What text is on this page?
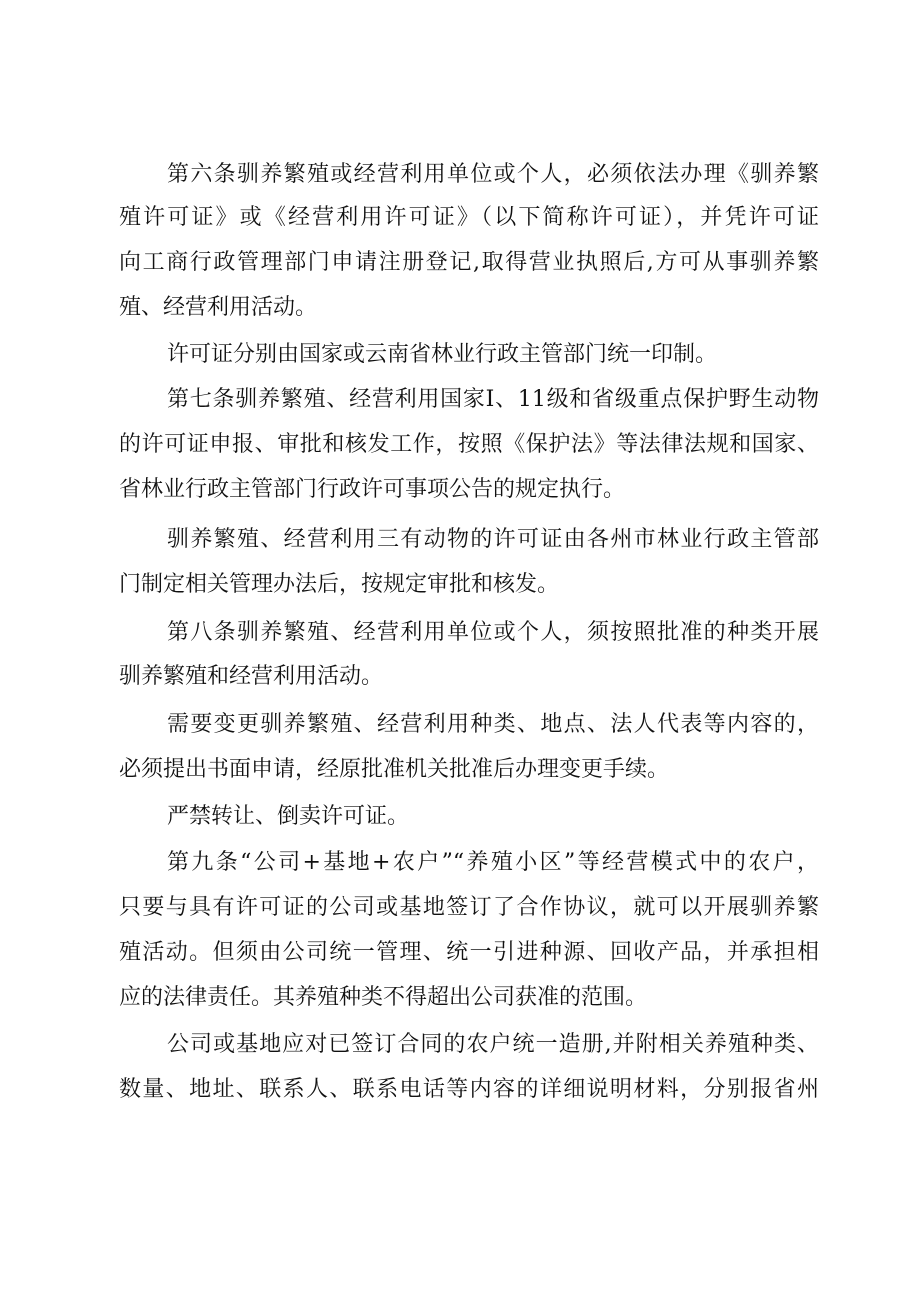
第六条驯养繁殖或经营利用单位或个人，必须依法办理《驯养繁
殖许可证》或《经营利用许可证》（以下简称许可证），并凭许可证
向工商行政管理部门申请注册登记,取得营业执照后,方可从事驯养繁
殖、经营利用活动。
许可证分别由国家或云南省林业行政主管部门统一印制。
第七条驯养繁殖、经营利用国家I、11级和省级重点保护野生动物
的许可证申报、审批和核发工作，按照《保护法》等法律法规和国家、
省林业行政主管部门行政许可事项公告的规定执行。
驯养繁殖、经营利用三有动物的许可证由各州市林业行政主管部
门制定相关管理办法后，按规定审批和核发。
第八条驯养繁殖、经营利用单位或个人，须按照批准的种类开展
驯养繁殖和经营利用活动。
需要变更驯养繁殖、经营利用种类、地点、法人代表等内容的，
必须提出书面申请，经原批准机关批准后办理变更手续。
严禁转让、倒卖许可证。
第九条“公司+基地+农户”“养殖小区”等经营模式中的农户，
只要与具有许可证的公司或基地签订了合作协议，就可以开展驯养繁
殖活动。但须由公司统一管理、统一引进种源、回收产品，并承担相
应的法律责任。其养殖种类不得超出公司获准的范围。
公司或基地应对已签订合同的农户统一造册,并附相关养殖种类、
数量、地址、联系人、联系电话等内容的详细说明材料，分别报省州
